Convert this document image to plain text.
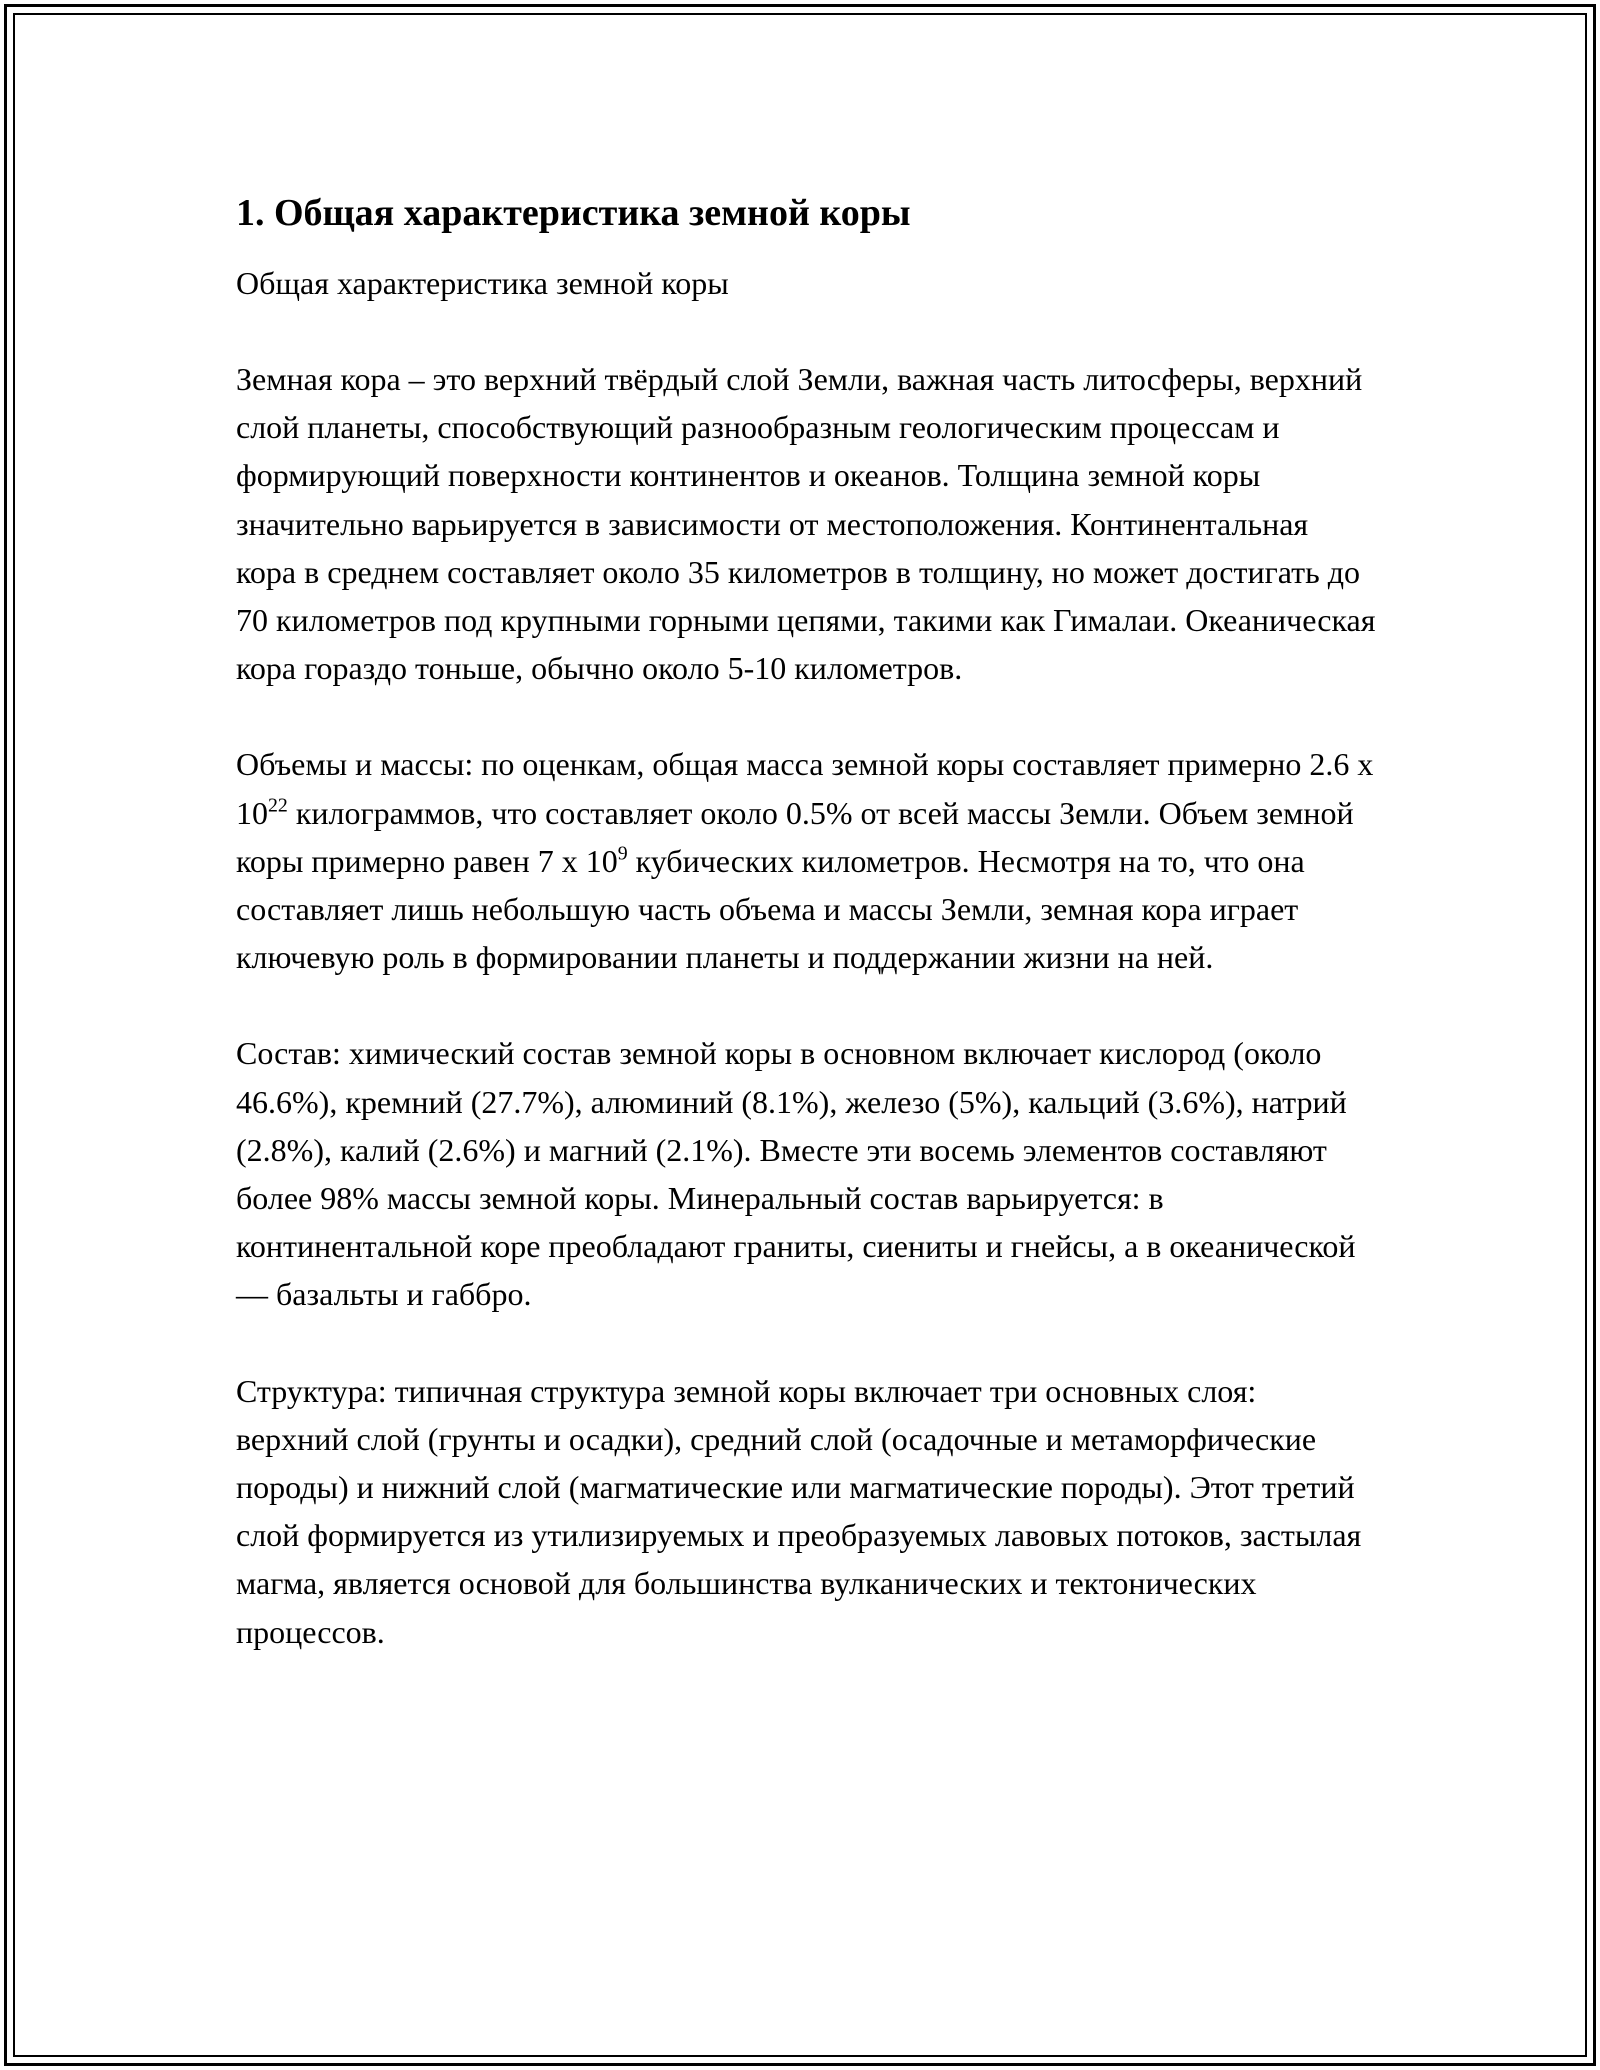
1. Общая характеристика земной коры
Общая характеристика земной коры

Земная кора – это верхний твёрдый слой Земли, важная часть литосферы, верхний слой планеты, способствующий разнообразным геологическим процессам и формирующий поверхности континентов и океанов. Толщина земной коры значительно варьируется в зависимости от местоположения. Континентальная кора в среднем составляет около 35 километров в толщину, но может достигать до 70 километров под крупными горными цепями, такими как Гималаи. Океаническая кора гораздо тоньше, обычно около 5-10 километров.

Объемы и массы: по оценкам, общая масса земной коры составляет примерно 2.6 x $10^{22}$ килограммов, что составляет около 0.5% от всей массы Земли. Объем земной коры примерно равен 7 x $10^9$ кубических километров. Несмотря на то, что она составляет лишь небольшую часть объема и массы Земли, земная кора играет ключевую роль в формировании планеты и поддержании жизни на ней.

Состав: химический состав земной коры в основном включает кислород (около 46.6%), кремний (27.7%), алюминий (8.1%), железо (5%), кальций (3.6%), натрий (2.8%), калий (2.6%) и магний (2.1%). Вместе эти восемь элементов составляют более 98% массы земной коры. Минеральный состав варьируется: в континентальной коре преобладают граниты, сиениты и гнейсы, а в океанической — базальты и габбро.

Структура: типичная структура земной коры включает три основных слоя: верхний слой (грунты и осадки), средний слой (осадочные и метаморфические породы) и нижний слой (магматические или магматические породы). Этот третий слой формируется из утилизируемых и преобразуемых лавовых потоков, застылая магма, является основой для большинства вулканических и тектонических процессов.
